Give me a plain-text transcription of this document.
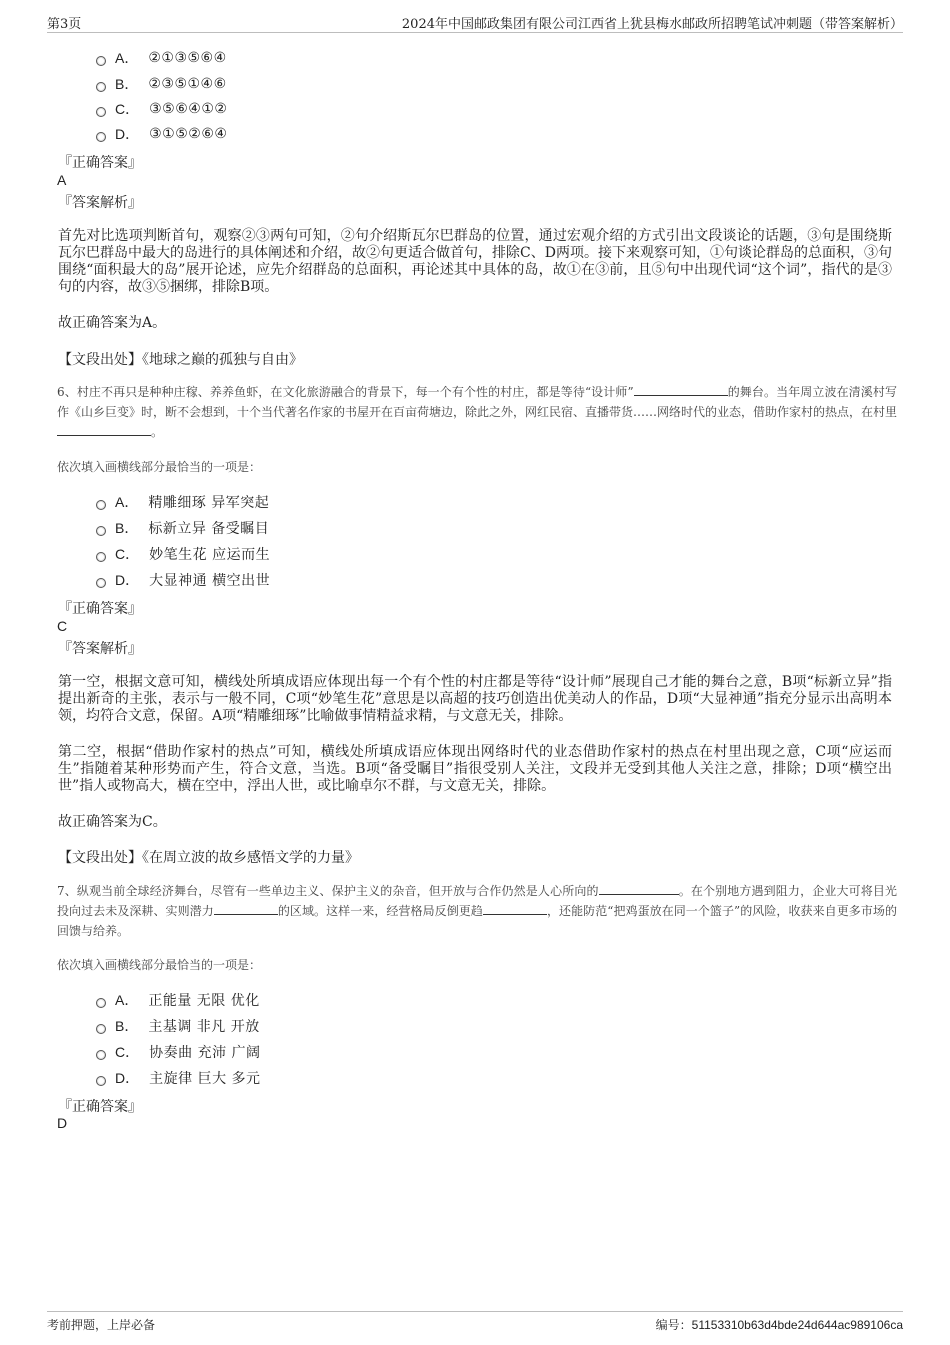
第3页	2024年中国邮政集团有限公司江西省上犹县梅水邮政所招聘笔试冲刺题（带答案解析）
A． ②①③⑤⑥④
B． ②③⑤①④⑥
C． ③⑤⑥④①②
D． ③①⑤②⑥④
『正确答案』
A
『答案解析』
首先对比选项判断首句，观察②③两句可知，②句介绍斯瓦尔巴群岛的位置，通过宏观介绍的方式引出文段谈论的话题，③句是围绕斯瓦尔巴群岛中最大的岛进行的具体阐述和介绍，故②句更适合做首句，排除C、D两项。接下来观察可知，①句谈论群岛的总面积，③句围绕“面积最大的岛”展开论述，应先介绍群岛的总面积，再论述其中具体的岛，故①在③前，且⑤句中出现代词“这个词”，指代的是③句的内容，故③⑤捆绑，排除B项。
故正确答案为A。
【文段出处】《地球之巅的孤独与自由》
6、村庄不再只是种种庄稼、养养鱼虾，在文化旅游融合的背景下，每一个有个性的村庄，都是等待“设计师”	的舞台。当年周立波在清溪村写作《山乡巨变》时，断不会想到，十个当代著名作家的书屋开在百亩荷塘边，除此之外，网红民宿、直播带货……网络时代的业态，借助作家村的热点，在村里。
依次填入画横线部分最恰当的一项是：
A． 精雕细琢 异军突起
B． 标新立异 备受瞩目
C． 妙笔生花 应运而生
D． 大显神通 横空出世
『正确答案』
C
『答案解析』
第一空，根据文意可知，横线处所填成语应体现出每一个有个性的村庄都是等待“设计师”展现自己才能的舞台之意，B项“标新立异”指提出新奇的主张，表示与一般不同，C项“妙笔生花”意思是以高超的技巧创造出优美动人的作品，D项“大显神通”指充分显示出高明本领，均符合文意，保留。A项“精雕细琢”比喻做事情精益求精，与文意无关，排除。
第二空，根据“借助作家村的热点”可知，横线处所填成语应体现出网络时代的业态借助作家村的热点在村里出现之意，C项“应运而生”指随着某种形势而产生，符合文意，当选。B项“备受瞩目”指很受别人关注，文段并无受到其他人关注之意，排除；D项“横空出世”指人或物高大，横在空中，浮出人世，或比喻卓尔不群，与文意无关，排除。
故正确答案为C。
【文段出处】《在周立波的故乡感悟文学的力量》
7、纵观当前全球经济舞台，尽管有一些单边主义、保护主义的杂音，但开放与合作仍然是人心所向的	。在个别地方遇到阻力，企业大可将目光投向过去未及深耕、实则潜力	的区域。这样一来，经营格局反倒更趋	，还能防范“把鸡蛋放在同一个篮子”的风险，收获来自更多市场的回馈与给养。
依次填入画横线部分最恰当的一项是：
A． 正能量 无限 优化
B． 主基调 非凡 开放
C． 协奏曲 充沛 广阔
D． 主旋律 巨大 多元
『正确答案』
D
考前押题，上岸必备	编号：51153310b63d4bde24d644ac989106ca
